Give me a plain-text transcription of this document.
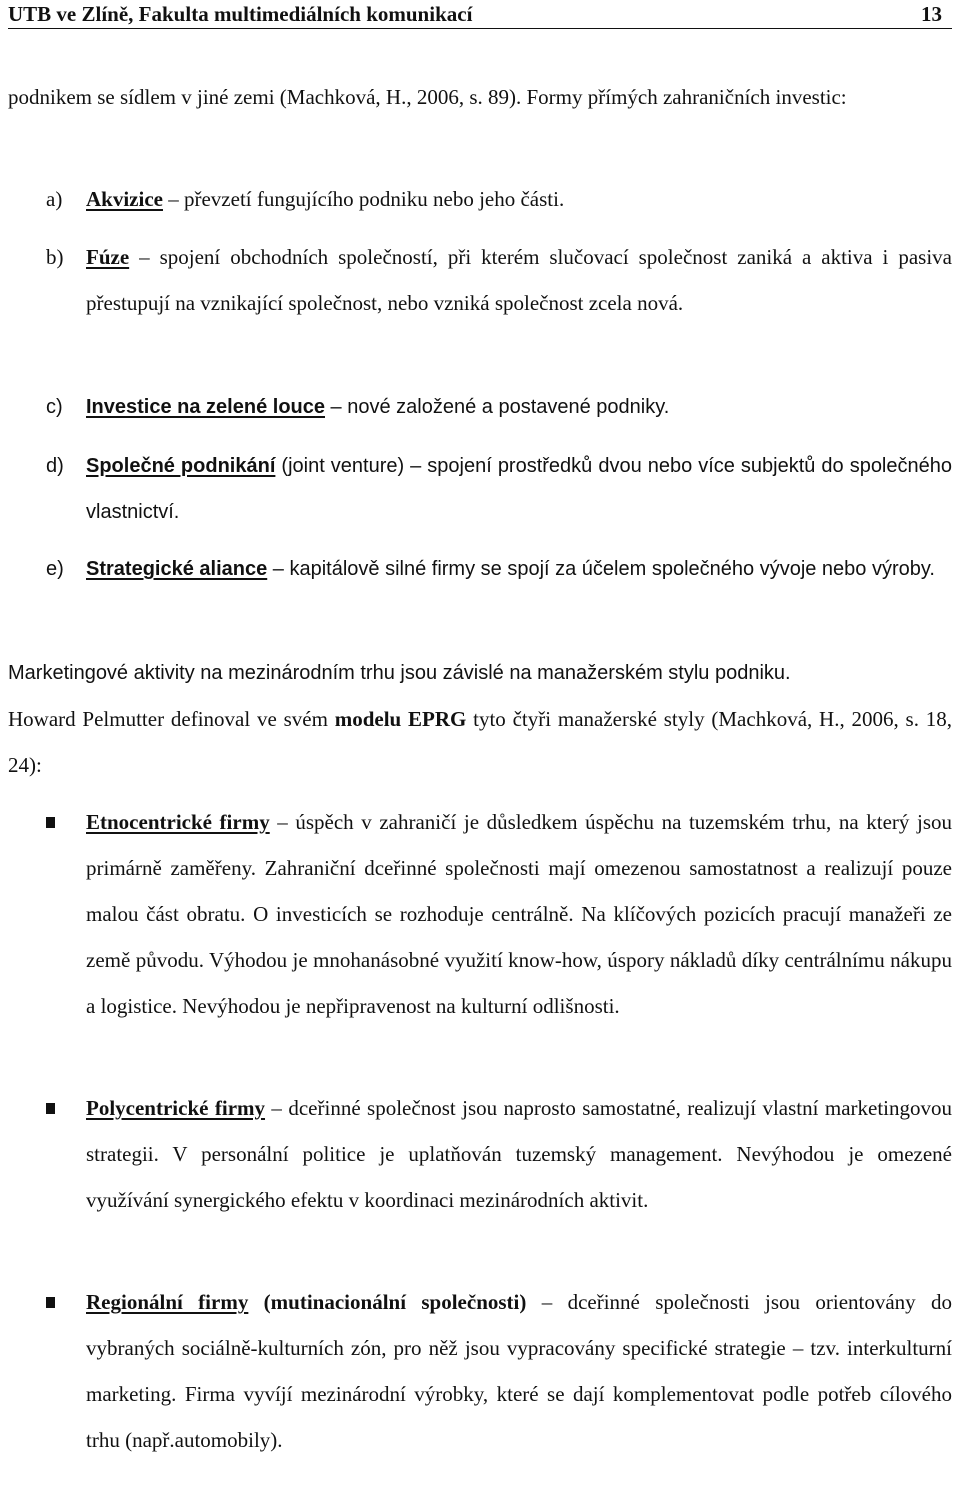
UTB ve Zlíně, Fakulta multimediálních komunikací	13
podnikem se sídlem v jiné zemi (Machková, H., 2006, s. 89). Formy přímých zahraničních investic:
a)	Akvizice – převzetí fungujícího podniku nebo jeho části.
b)	Fúze – spojení obchodních společností, při kterém slučovací společnost zaniká a aktiva i pasiva přestupují na vznikající společnost, nebo vzniká společnost zcela nová.
c)	Investice na zelené louce – nové založené a postavené podniky.
d)	Společné podnikání (joint venture) – spojení prostředků dvou nebo více subjektů do společného vlastnictví.
e)	Strategické aliance – kapitálově silné firmy se spojí za účelem společného vývoje nebo výroby.
Marketingové aktivity na mezinárodním trhu jsou závislé na manažerském stylu podniku.
Howard Pelmutter definoval ve svém modelu EPRG tyto čtyři manažerské styly (Machková, H., 2006, s. 18, 24):
Etnocentrické firmy – úspěch v zahraničí je důsledkem úspěchu na tuzemském trhu, na který jsou primárně zaměřeny. Zahraniční dceřinné společnosti mají omezenou samostatnost a realizují pouze malou část obratu. O investicích se rozhoduje centrálně. Na klíčových pozicích pracují manažeři ze země původu. Výhodou je mnohanásobné využití know-how, úspory nákladů díky centrálnímu nákupu a logistice. Nevýhodou je nepřipravenost na kulturní odlišnosti.
Polycentrické firmy – dceřinné společnost jsou naprosto samostatné, realizují vlastní marketingovou strategii. V personální politice je uplatňován tuzemský management. Nevýhodou je omezené využívání synergického efektu v koordinaci mezinárodních aktivit.
Regionální firmy (mutinacionální společnosti) – dceřinné společnosti jsou orientovány do vybraných sociálně-kulturních zón, pro něž jsou vypracovány specifické strategie – tzv. interkulturní marketing. Firma vyvíjí mezinárodní výrobky, které se dají komplementovat podle potřeb cílového trhu (např.automobily).
